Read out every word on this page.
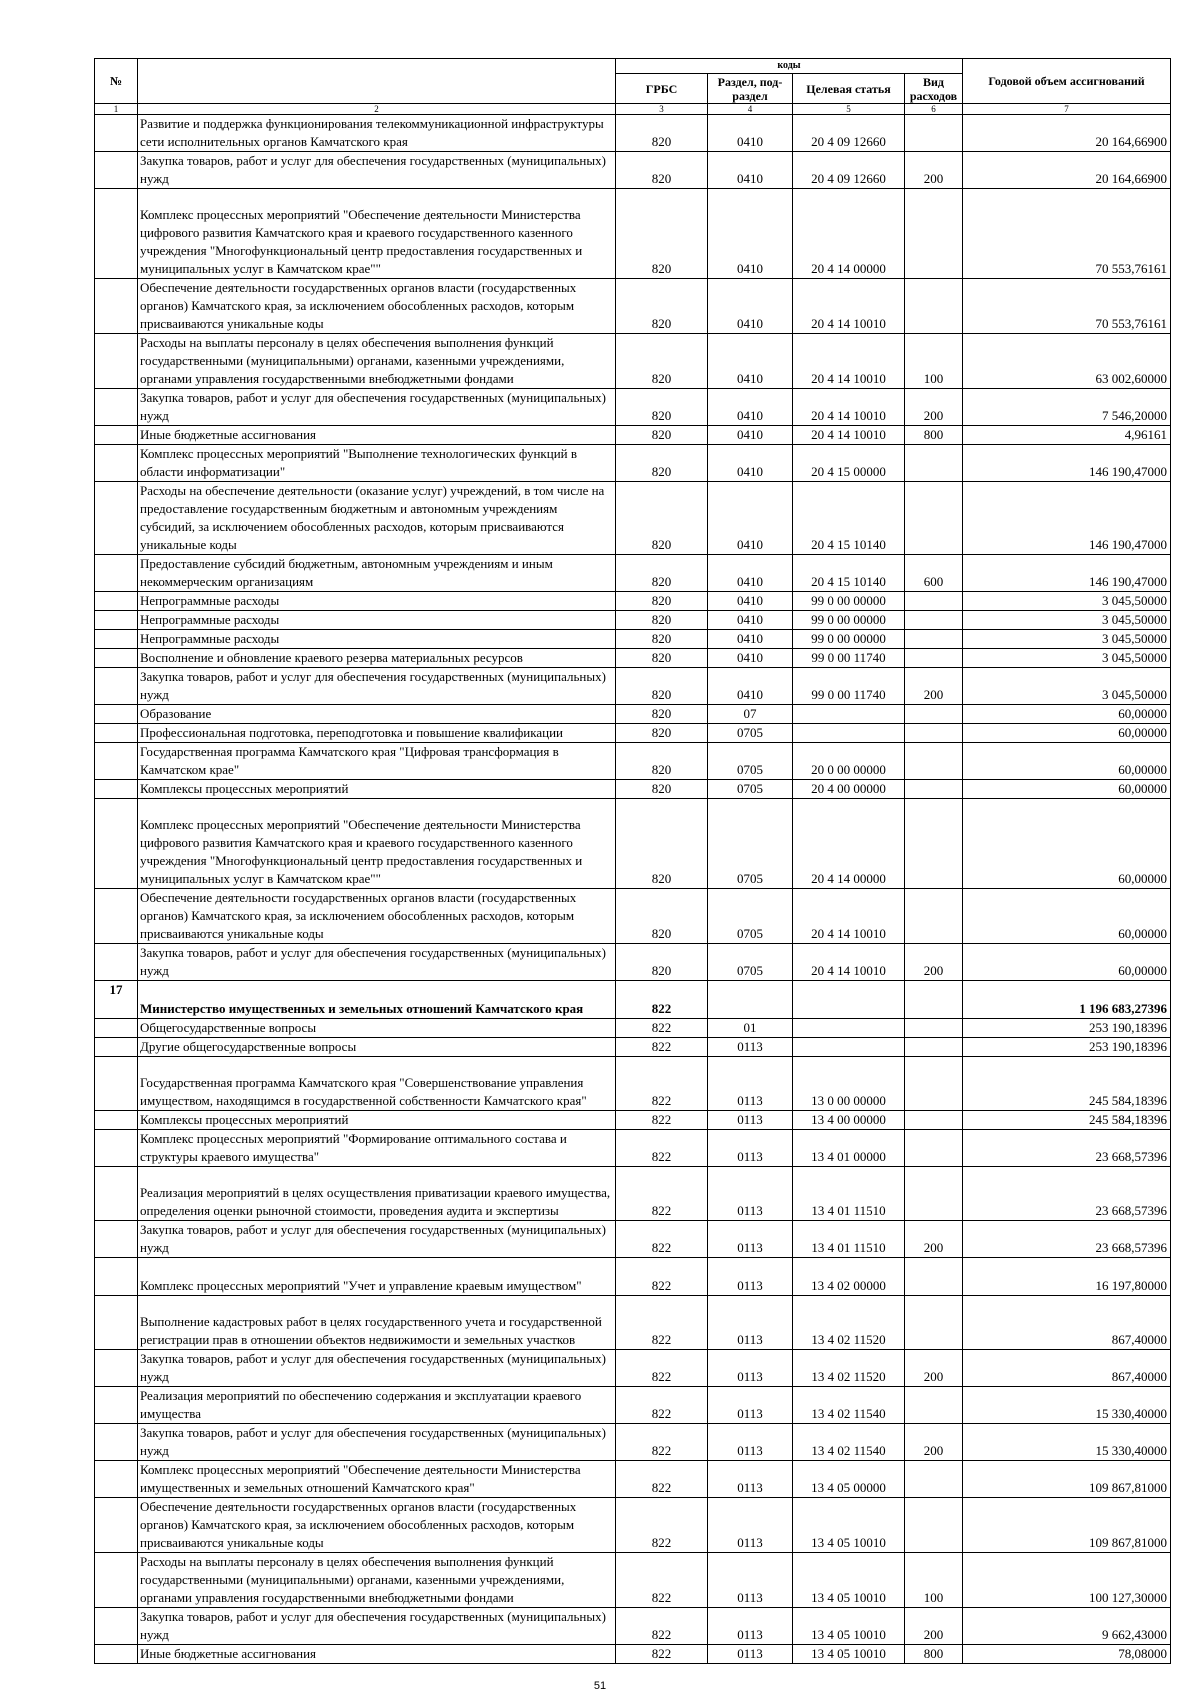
№		коды				Годовой объем ассигнований
		ГРБС	Раздел, под-раздел	Целевая статья	Вид расходов	
1	2	3	4	5	6	7
	Развитие и поддержка функционирования телекоммуникационной инфраструктуры сети исполнительных органов Камчатского края	820	0410	20 4 09 12660		20 164,66900
	Закупка товаров, работ и услуг для обеспечения государственных (муниципальных) нужд	820	0410	20 4 09 12660	200	20 164,66900
	Комплекс процессных мероприятий "Обеспечение деятельности Министерства цифрового развития Камчатского края и краевого государственного казенного учреждения "Многофункциональный центр предоставления государственных и муниципальных услуг в Камчатском крае""	820	0410	20 4 14 00000		70 553,76161
	Обеспечение деятельности государственных органов власти (государственных органов) Камчатского края, за исключением обособленных расходов, которым присваиваются уникальные коды	820	0410	20 4 14 10010		70 553,76161
	Расходы на выплаты персоналу в целях обеспечения выполнения функций государственными (муниципальными) органами, казенными учреждениями, органами управления государственными внебюджетными фондами	820	0410	20 4 14 10010	100	63 002,60000
	Закупка товаров, работ и услуг для обеспечения государственных (муниципальных) нужд	820	0410	20 4 14 10010	200	7 546,20000
	Иные бюджетные ассигнования	820	0410	20 4 14 10010	800	4,96161
	Комплекс процессных мероприятий "Выполнение технологических функций в области информатизации"	820	0410	20 4 15 00000		146 190,47000
	Расходы на обеспечение деятельности (оказание услуг) учреждений, в том числе на предоставление государственным бюджетным и автономным учреждениям субсидий, за исключением обособленных расходов, которым присваиваются уникальные коды	820	0410	20 4 15 10140		146 190,47000
	Предоставление субсидий бюджетным, автономным учреждениям и иным некоммерческим организациям	820	0410	20 4 15 10140	600	146 190,47000
	Непрограммные расходы	820	0410	99 0 00 00000		3 045,50000
	Непрограммные расходы	820	0410	99 0 00 00000		3 045,50000
	Непрограммные расходы	820	0410	99 0 00 00000		3 045,50000
	Восполнение и обновление краевого резерва материальных ресурсов	820	0410	99 0 00 11740		3 045,50000
	Закупка товаров, работ и услуг для обеспечения государственных (муниципальных) нужд	820	0410	99 0 00 11740	200	3 045,50000
	Образование	820	07			60,00000
	Профессиональная подготовка, переподготовка и повышение квалификации	820	0705			60,00000
	Государственная программа Камчатского края "Цифровая трансформация в Камчатском крае"	820	0705	20 0 00 00000		60,00000
	Комплексы процессных мероприятий	820	0705	20 4 00 00000		60,00000
	Комплекс процессных мероприятий "Обеспечение деятельности Министерства цифрового развития Камчатского края и краевого государственного казенного учреждения "Многофункциональный центр предоставления государственных и муниципальных услуг в Камчатском крае""	820	0705	20 4 14 00000		60,00000
	Обеспечение деятельности государственных органов власти (государственных органов) Камчатского края, за исключением обособленных расходов, которым присваиваются уникальные коды	820	0705	20 4 14 10010		60,00000
	Закупка товаров, работ и услуг для обеспечения государственных (муниципальных) нужд	820	0705	20 4 14 10010	200	60,00000
17	Министерство имущественных и земельных отношений Камчатского края	822				1 196 683,27396
	Общегосударственные вопросы	822	01			253 190,18396
	Другие общегосударственные вопросы	822	0113			253 190,18396
	Государственная программа Камчатского края "Совершенствование управления имуществом, находящимся в государственной собственности Камчатского края"	822	0113	13 0 00 00000		245 584,18396
	Комплексы процессных мероприятий	822	0113	13 4 00 00000		245 584,18396
	Комплекс процессных мероприятий "Формирование оптимального состава и структуры краевого имущества"	822	0113	13 4 01 00000		23 668,57396
	Реализация мероприятий в целях осуществления приватизации краевого имущества, определения оценки рыночной стоимости, проведения аудита и экспертизы	822	0113	13 4 01 11510		23 668,57396
	Закупка товаров, работ и услуг для обеспечения государственных (муниципальных) нужд	822	0113	13 4 01 11510	200	23 668,57396
	Комплекс процессных мероприятий "Учет и управление краевым имуществом"	822	0113	13 4 02 00000		16 197,80000
	Выполнение кадастровых работ в целях государственного учета и государственной регистрации прав в отношении объектов недвижимости и земельных участков	822	0113	13 4 02 11520		867,40000
	Закупка товаров, работ и услуг для обеспечения государственных (муниципальных) нужд	822	0113	13 4 02 11520	200	867,40000
	Реализация мероприятий по обеспечению содержания и эксплуатации краевого имущества	822	0113	13 4 02 11540		15 330,40000
	Закупка товаров, работ и услуг для обеспечения государственных (муниципальных) нужд	822	0113	13 4 02 11540	200	15 330,40000
	Комплекс процессных мероприятий "Обеспечение деятельности Министерства имущественных и земельных отношений Камчатского края"	822	0113	13 4 05 00000		109 867,81000
	Обеспечение деятельности государственных органов власти (государственных органов) Камчатского края, за исключением обособленных расходов, которым присваиваются уникальные коды	822	0113	13 4 05 10010		109 867,81000
	Расходы на выплаты персоналу в целях обеспечения выполнения функций государственными (муниципальными) органами, казенными учреждениями, органами управления государственными внебюджетными фондами	822	0113	13 4 05 10010	100	100 127,30000
	Закупка товаров, работ и услуг для обеспечения государственных (муниципальных) нужд	822	0113	13 4 05 10010	200	9 662,43000
	Иные бюджетные ассигнования	822	0113	13 4 05 10010	800	78,08000
51
